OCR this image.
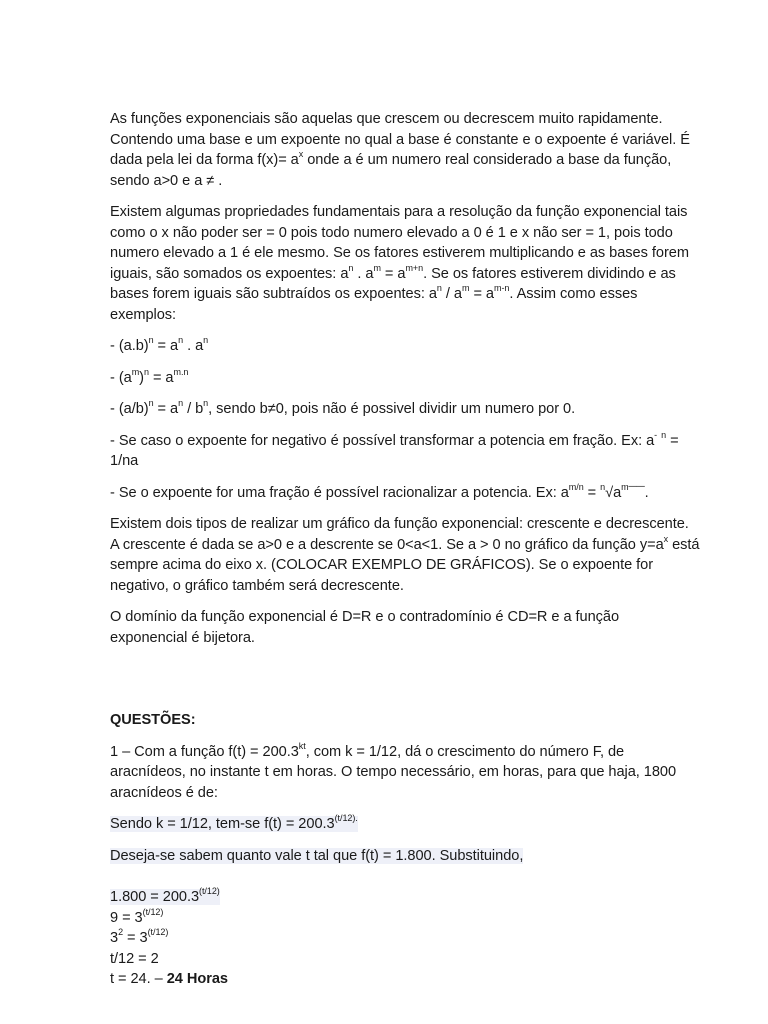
As funções exponenciais são aquelas que crescem ou decrescem muito rapidamente. Contendo uma base e um expoente no qual a base é constante e o expoente é variável. É dada pela lei da forma $f(x)= a^x$ onde a é um numero real considerado a base da função, sendo a>0 e a ≠ .

Existem algumas propriedades fundamentais para a resolução da função exponencial tais como o x não poder ser = 0 pois todo numero elevado a 0 é 1 e x não ser = 1, pois todo numero elevado a 1 é ele mesmo. Se os fatores estiverem multiplicando e as bases forem iguais, são somados os expoentes: $a^n$ . $a^m = a^{m+n}$. Se os fatores estiverem dividindo e as bases forem iguais são subtraídos os expoentes: $a^n / a^m = a^{m-n}$. Assim como esses exemplos:

- $(a.b)^n = a^n$ . $a^n$

- $(a^m)^n = a^{m.n}$

- $(a/b)^n = a^n / b^n$, sendo b≠0, pois não é possivel dividir um numero por 0.

- Se caso o expoente for negativo é possível transformar a potencia em fração. Ex: a- $^n$ = 1/na

- Se o expoente for uma fração é possível racionalizar a potencia. Ex: $a^{m/n}$ = $^n√a^m¯¯$.

Existem dois tipos de realizar um gráfico da função exponencial: crescente e decrescente. A crescente é dada se a>0 e a descrente se 0<a<1. Se a > 0 no gráfico da função $y=a^x$ está sempre acima do eixo x. (COLOCAR EXEMPLO DE GRÁFICOS). Se o expoente for negativo, o gráfico também será decrescente.

O domínio da função exponencial é D=R e o contradomínio é CD=R e a função exponencial é bijetora.

QUESTÕES:

1 – Com a função $f(t) = 200.3^{kt}$, com k = 1/12, dá o crescimento do número F, de aracnídeos, no instante t em horas. O tempo necessário, em horas, para que haja, 1800 aracnídeos é de:

Sendo k = 1/12, tem-se $f(t) = 200.3^{(t/12).}$

Deseja-se sabem quanto vale t tal que f(t) = 1.800. Substituindo,

$1.800 = 200.3^{(t/12)}$
$9 = 3^{(t/12)}$
$3^2 = 3^{(t/12)}$
t/12 = 2
t = 24. – 24 Horas
